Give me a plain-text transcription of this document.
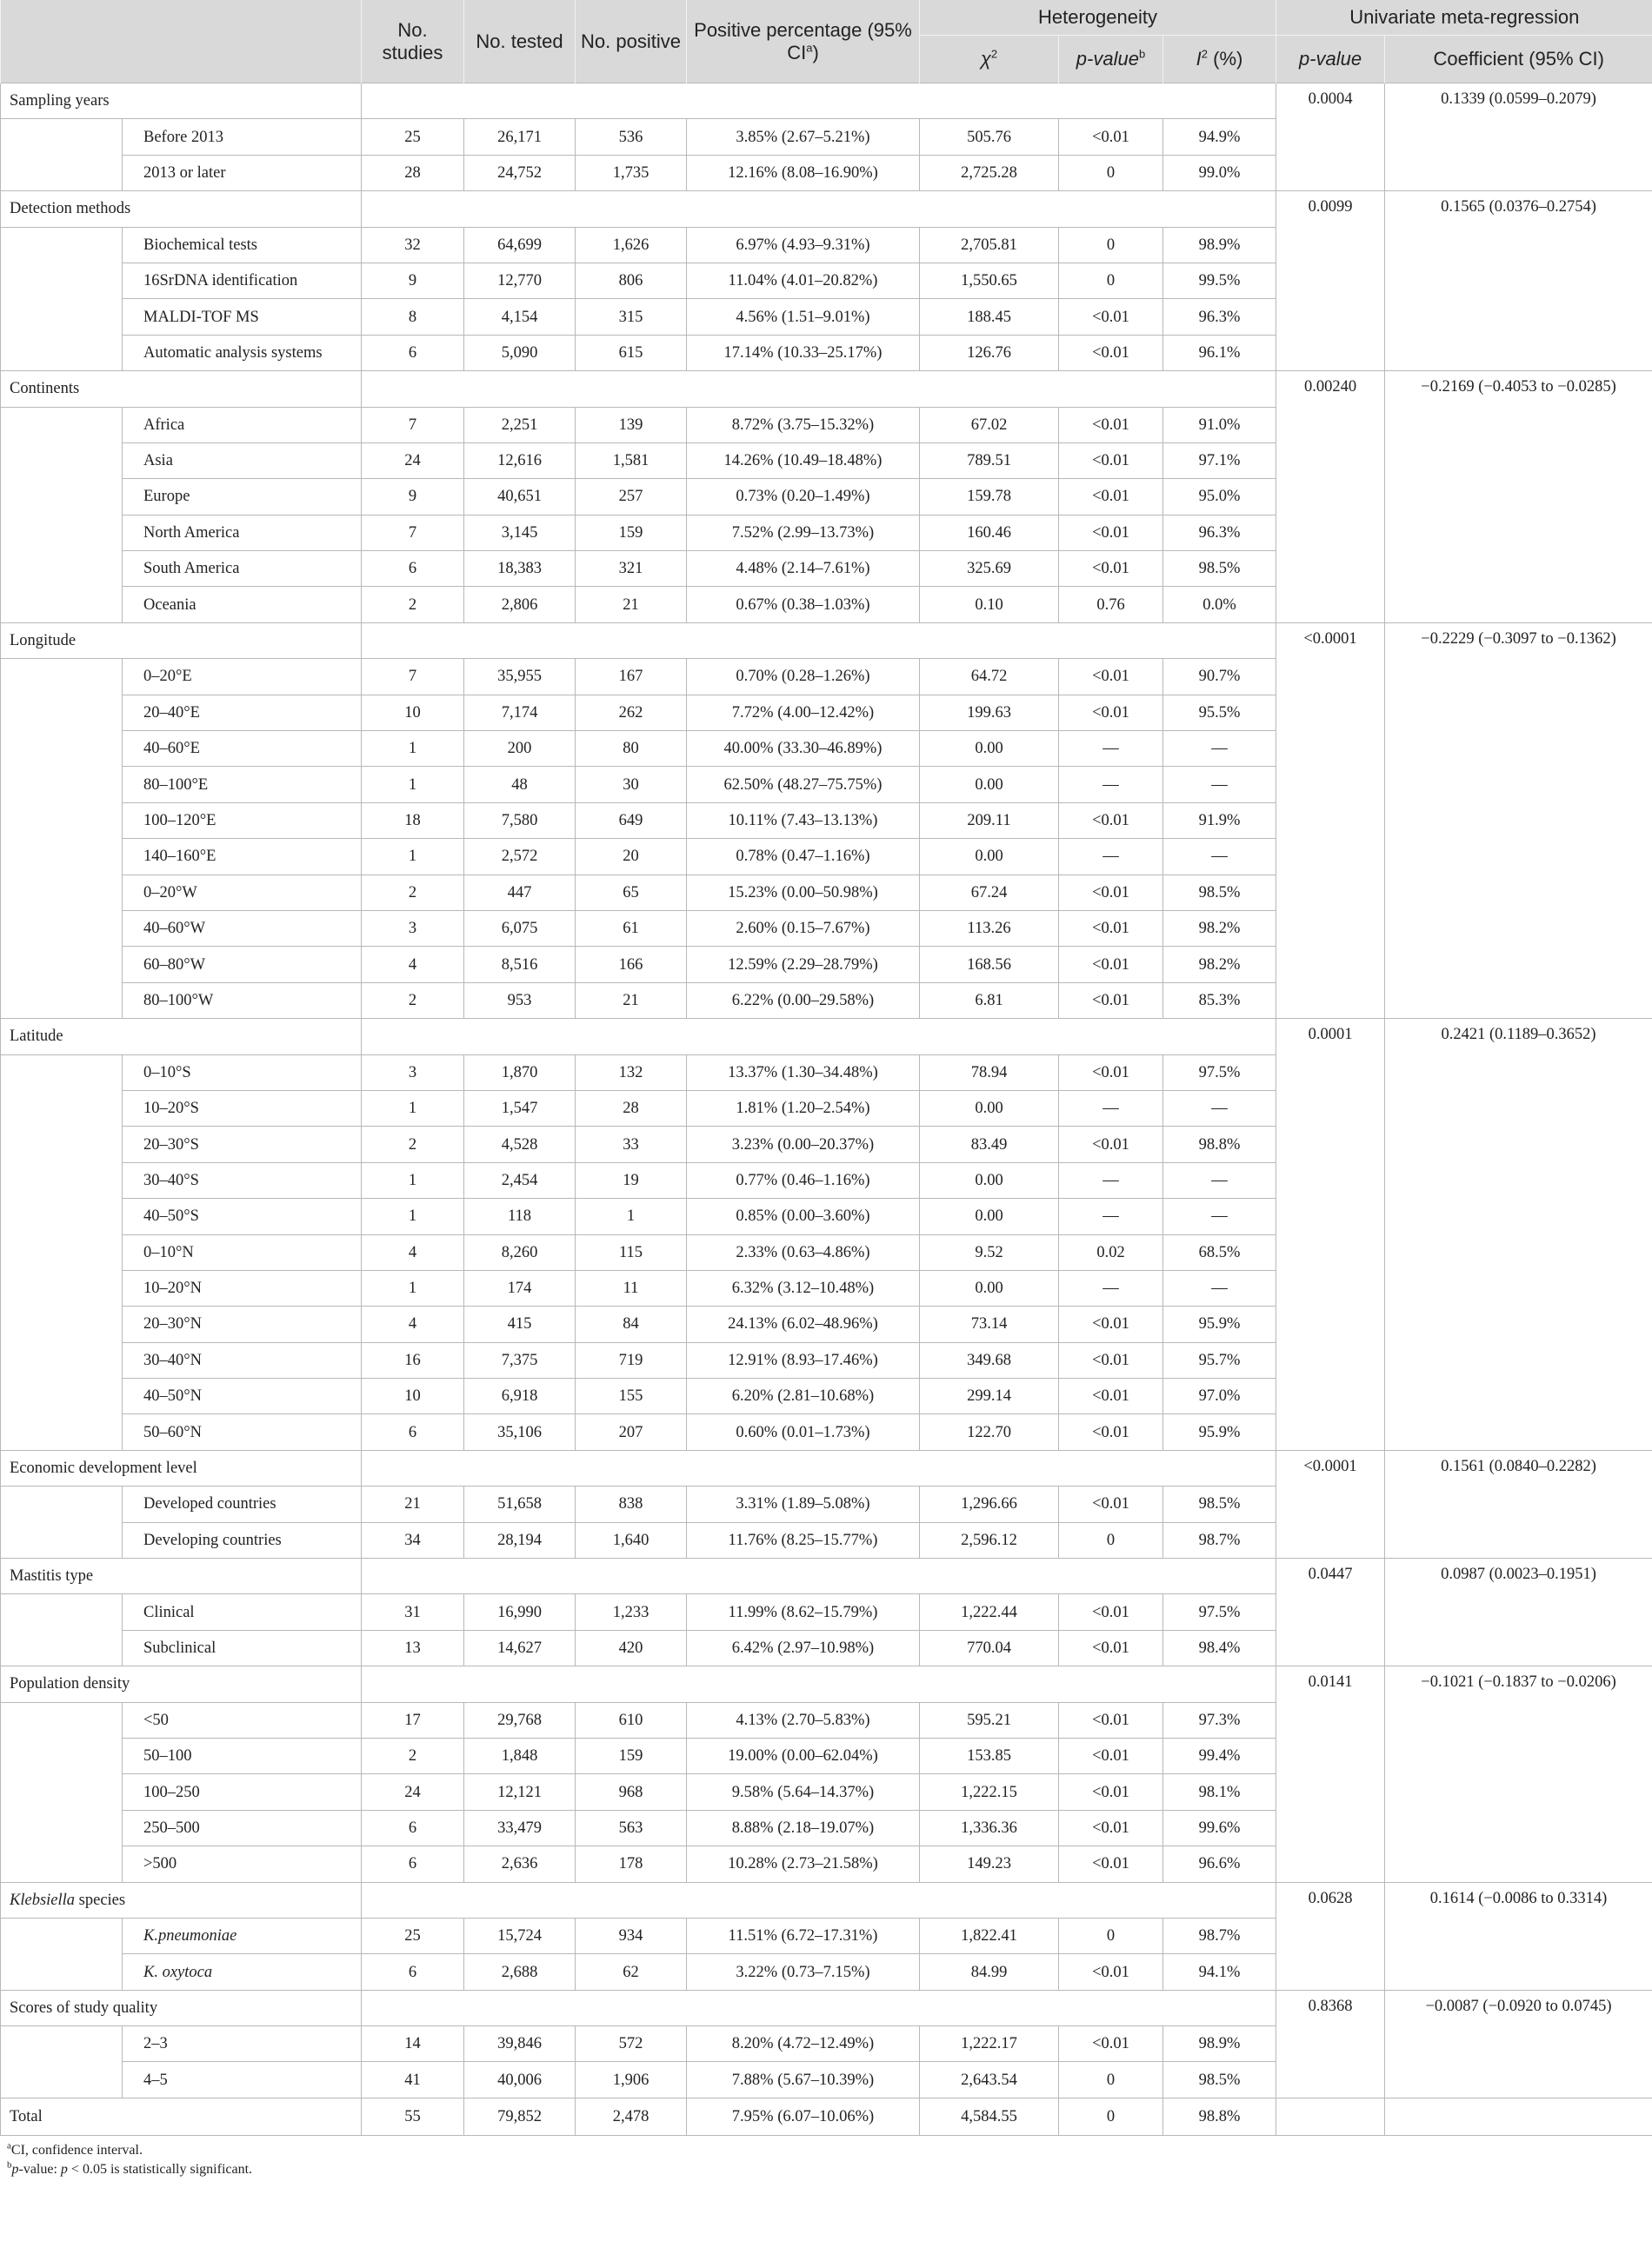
		No. studies	No. tested	No. positive	Positive percentage (95% $CI^a$)	Heterogeneity			Univariate meta-regression	
						$\chi^2$	p-value$^b$	$I^2$ (%)	p-value	Coefficient (95% CI)
Sampling years									0.0004	0.1339 (0.0599–0.2079)
	Before 2013	25	26,171	536	3.85% (2.67–5.21%)	505.76	<0.01	94.9%		
	2013 or later	28	24,752	1,735	12.16% (8.08–16.90%)	2,725.28	0	99.0%		
Detection methods									0.0099	0.1565 (0.0376–0.2754)
	Biochemical tests	32	64,699	1,626	6.97% (4.93–9.31%)	2,705.81	0	98.9%		
	16SrDNA identification	9	12,770	806	11.04% (4.01–20.82%)	1,550.65	0	99.5%		
	MALDI-TOF MS	8	4,154	315	4.56% (1.51–9.01%)	188.45	<0.01	96.3%		
	Automatic analysis systems	6	5,090	615	17.14% (10.33–25.17%)	126.76	<0.01	96.1%		
Continents									0.00240	−0.2169 (−0.4053 to −0.0285)
	Africa	7	2,251	139	8.72% (3.75–15.32%)	67.02	<0.01	91.0%		
	Asia	24	12,616	1,581	14.26% (10.49–18.48%)	789.51	<0.01	97.1%		
	Europe	9	40,651	257	0.73% (0.20–1.49%)	159.78	<0.01	95.0%		
	North America	7	3,145	159	7.52% (2.99–13.73%)	160.46	<0.01	96.3%		
	South America	6	18,383	321	4.48% (2.14–7.61%)	325.69	<0.01	98.5%		
	Oceania	2	2,806	21	0.67% (0.38–1.03%)	0.10	0.76	0.0%		
Longitude									<0.0001	−0.2229 (−0.3097 to −0.1362)
	0–20°E	7	35,955	167	0.70% (0.28–1.26%)	64.72	<0.01	90.7%		
	20–40°E	10	7,174	262	7.72% (4.00–12.42%)	199.63	<0.01	95.5%		
	40–60°E	1	200	80	40.00% (33.30–46.89%)	0.00	—	—		
	80–100°E	1	48	30	62.50% (48.27–75.75%)	0.00	—	—		
	100–120°E	18	7,580	649	10.11% (7.43–13.13%)	209.11	<0.01	91.9%		
	140–160°E	1	2,572	20	0.78% (0.47–1.16%)	0.00	—	—		
	0–20°W	2	447	65	15.23% (0.00–50.98%)	67.24	<0.01	98.5%		
	40–60°W	3	6,075	61	2.60% (0.15–7.67%)	113.26	<0.01	98.2%		
	60–80°W	4	8,516	166	12.59% (2.29–28.79%)	168.56	<0.01	98.2%		
	80–100°W	2	953	21	6.22% (0.00–29.58%)	6.81	<0.01	85.3%		
Latitude									0.0001	0.2421 (0.1189–0.3652)
	0–10°S	3	1,870	132	13.37% (1.30–34.48%)	78.94	<0.01	97.5%		
	10–20°S	1	1,547	28	1.81% (1.20–2.54%)	0.00	—	—		
	20–30°S	2	4,528	33	3.23% (0.00–20.37%)	83.49	<0.01	98.8%		
	30–40°S	1	2,454	19	0.77% (0.46–1.16%)	0.00	—	—		
	40–50°S	1	118	1	0.85% (0.00–3.60%)	0.00	—	—		
	0–10°N	4	8,260	115	2.33% (0.63–4.86%)	9.52	0.02	68.5%		
	10–20°N	1	174	11	6.32% (3.12–10.48%)	0.00	—	—		
	20–30°N	4	415	84	24.13% (6.02–48.96%)	73.14	<0.01	95.9%		
	30–40°N	16	7,375	719	12.91% (8.93–17.46%)	349.68	<0.01	95.7%		
	40–50°N	10	6,918	155	6.20% (2.81–10.68%)	299.14	<0.01	97.0%		
	50–60°N	6	35,106	207	0.60% (0.01–1.73%)	122.70	<0.01	95.9%		
Economic development level									<0.0001	0.1561 (0.0840–0.2282)
	Developed countries	21	51,658	838	3.31% (1.89–5.08%)	1,296.66	<0.01	98.5%		
	Developing countries	34	28,194	1,640	11.76% (8.25–15.77%)	2,596.12	0	98.7%		
Mastitis type									0.0447	0.0987 (0.0023–0.1951)
	Clinical	31	16,990	1,233	11.99% (8.62–15.79%)	1,222.44	<0.01	97.5%		
	Subclinical	13	14,627	420	6.42% (2.97–10.98%)	770.04	<0.01	98.4%		
Population density									0.0141	−0.1021 (−0.1837 to −0.0206)
	<50	17	29,768	610	4.13% (2.70–5.83%)	595.21	<0.01	97.3%		
	50–100	2	1,848	159	19.00% (0.00–62.04%)	153.85	<0.01	99.4%		
	100–250	24	12,121	968	9.58% (5.64–14.37%)	1,222.15	<0.01	98.1%		
	250–500	6	33,479	563	8.88% (2.18–19.07%)	1,336.36	<0.01	99.6%		
	>500	6	2,636	178	10.28% (2.73–21.58%)	149.23	<0.01	96.6%		
Klebsiella species									0.0628	0.1614 (−0.0086 to 0.3314)
	K.pneumoniae	25	15,724	934	11.51% (6.72–17.31%)	1,822.41	0	98.7%		
	K. oxytoca	6	2,688	62	3.22% (0.73–7.15%)	84.99	<0.01	94.1%		
Scores of study quality									0.8368	−0.0087 (−0.0920 to 0.0745)
	2–3	14	39,846	572	8.20% (4.72–12.49%)	1,222.17	<0.01	98.9%		
	4–5	41	40,006	1,906	7.88% (5.67–10.39%)	2,643.54	0	98.5%		
Total		55	79,852	2,478	7.95% (6.07–10.06%)	4,584.55	0	98.8%		
$^a$CI, confidence interval.
$^b$p-value: p < 0.05 is statistically significant.
